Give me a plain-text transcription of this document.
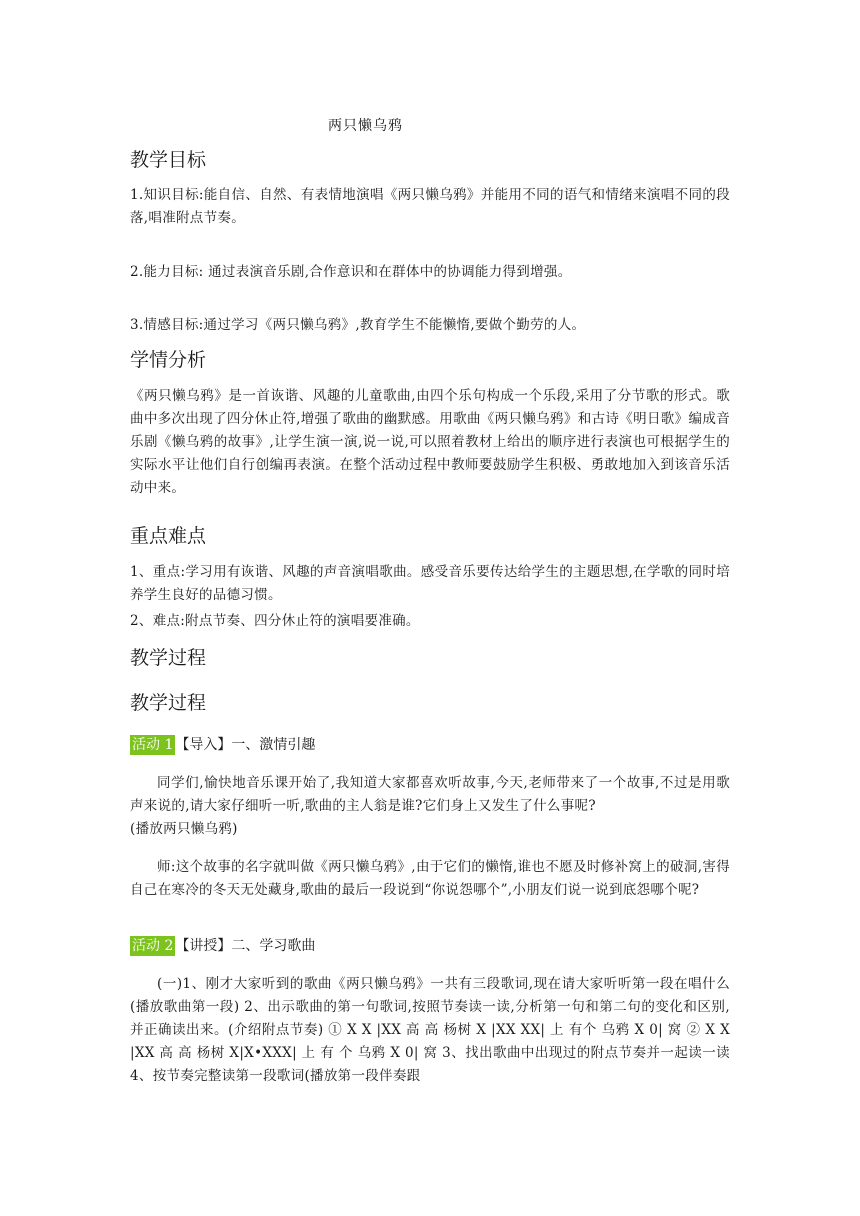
两只懒乌鸦
教学目标
1.知识目标:能自信、自然、有表情地演唱《两只懒乌鸦》并能用不同的语气和情绪来演唱不同的段落,唱准附点节奏。
2.能力目标: 通过表演音乐剧,合作意识和在群体中的协调能力得到增强。
3.情感目标:通过学习《两只懒乌鸦》,教育学生不能懒惰,要做个勤劳的人。
学情分析
《两只懒乌鸦》是一首诙谐、风趣的儿童歌曲,由四个乐句构成一个乐段,采用了分节歌的形式。歌曲中多次出现了四分休止符,增强了歌曲的幽默感。用歌曲《两只懒乌鸦》和古诗《明日歌》编成音乐剧《懒乌鸦的故事》,让学生演一演,说一说,可以照着教材上给出的顺序进行表演也可根据学生的实际水平让他们自行创编再表演。在整个活动过程中教师要鼓励学生积极、勇敢地加入到该音乐活动中来。
重点难点
1、重点:学习用有诙谐、风趣的声音演唱歌曲。感受音乐要传达给学生的主题思想,在学歌的同时培养学生良好的品德习惯。
2、难点:附点节奏、四分休止符的演唱要准确。
教学过程
教学过程
活动 1 【导入】一、激情引趣
同学们,愉快地音乐课开始了,我知道大家都喜欢听故事,今天,老师带来了一个故事,不过是用歌声来说的,请大家仔细听一听,歌曲的主人翁是谁?它们身上又发生了什么事呢?
(播放两只懒乌鸦)
师:这个故事的名字就叫做《两只懒乌鸦》,由于它们的懒惰,谁也不愿及时修补窝上的破洞,害得自己在寒冷的冬天无处藏身,歌曲的最后一段说到“你说怨哪个”,小朋友们说一说到底怨哪个呢?
活动 2 【讲授】二、学习歌曲
(一)1、刚才大家听到的歌曲《两只懒乌鸦》一共有三段歌词,现在请大家听听第一段在唱什么(播放歌曲第一段) 2、出示歌曲的第一句歌词,按照节奏读一读,分析第一句和第二句的变化和区别,并正确读出来。(介绍附点节奏) ① X X |XX 高 高 杨树 X |XX XX| 上 有个 乌鸦 X 0| 窝 ② X X |XX 高 高 杨树 X|X•XXX| 上 有 个 乌鸦 X 0| 窝 3、找出歌曲中出现过的附点节奏并一起读一读 4、按节奏完整读第一段歌词(播放第一段伴奏跟
